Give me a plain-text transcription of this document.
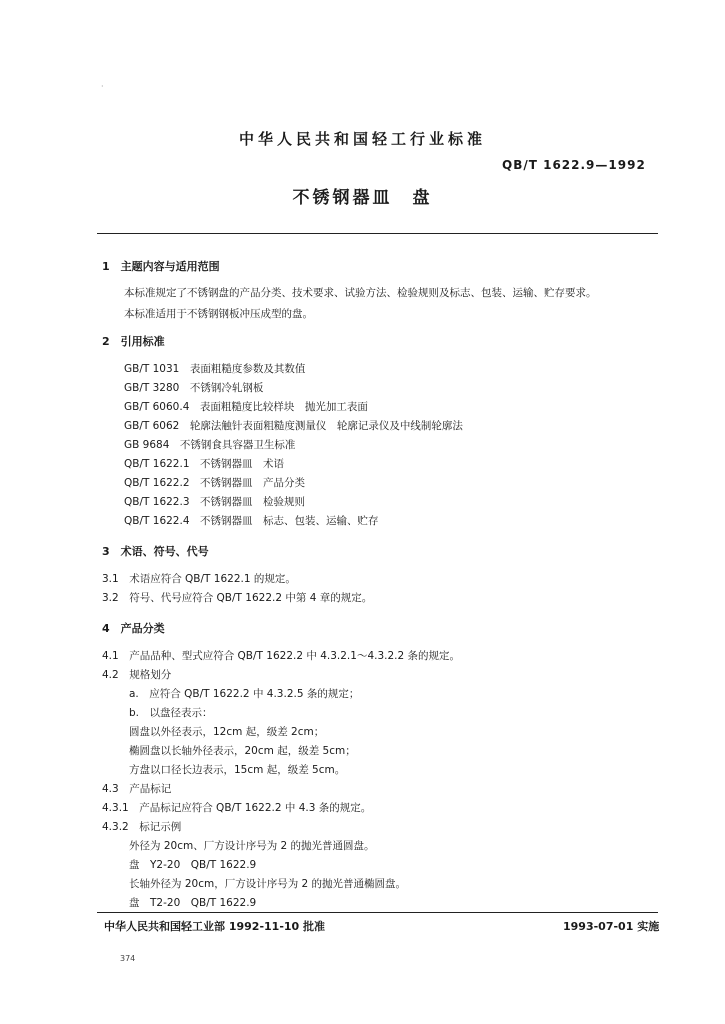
·
中华人民共和国轻工行业标准
QB/T 1622.9—1992
不锈钢器皿　盘
1　主题内容与适用范围
本标准规定了不锈钢盘的产品分类、技术要求、试验方法、检验规则及标志、包装、运输、贮存要求。
本标准适用于不锈钢钢板冲压成型的盘。
2　引用标准
GB/T 1031　表面粗糙度参数及其数值
GB/T 3280　不锈钢冷轧钢板
GB/T 6060.4　表面粗糙度比较样块　抛光加工表面
GB/T 6062　轮廓法触针表面粗糙度测量仪　轮廓记录仪及中线制轮廓法
GB 9684　不锈钢食具容器卫生标准
QB/T 1622.1　不锈钢器皿　术语
QB/T 1622.2　不锈钢器皿　产品分类
QB/T 1622.3　不锈钢器皿　检验规则
QB/T 1622.4　不锈钢器皿　标志、包装、运输、贮存
3　术语、符号、代号
3.1　术语应符合 QB/T 1622.1 的规定。
3.2　符号、代号应符合 QB/T 1622.2 中第 4 章的规定。
4　产品分类
4.1　产品品种、型式应符合 QB/T 1622.2 中 4.3.2.1～4.3.2.2 条的规定。
4.2　规格划分
a.　应符合 QB/T 1622.2 中 4.3.2.5 条的规定；
b.　以盘径表示：
圆盘以外径表示，12cm 起，级差 2cm；
椭圆盘以长轴外径表示，20cm 起，级差 5cm；
方盘以口径长边表示，15cm 起，级差 5cm。
4.3　产品标记
4.3.1　产品标记应符合 QB/T 1622.2 中 4.3 条的规定。
4.3.2　标记示例
外径为 20cm、厂方设计序号为 2 的抛光普通圆盘。
盘　Y2-20　QB/T 1622.9
长轴外径为 20cm，厂方设计序号为 2 的抛光普通椭圆盘。
盘　T2-20　QB/T 1622.9
中华人民共和国轻工业部 1992-11-10 批准	1993-07-01 实施
374
